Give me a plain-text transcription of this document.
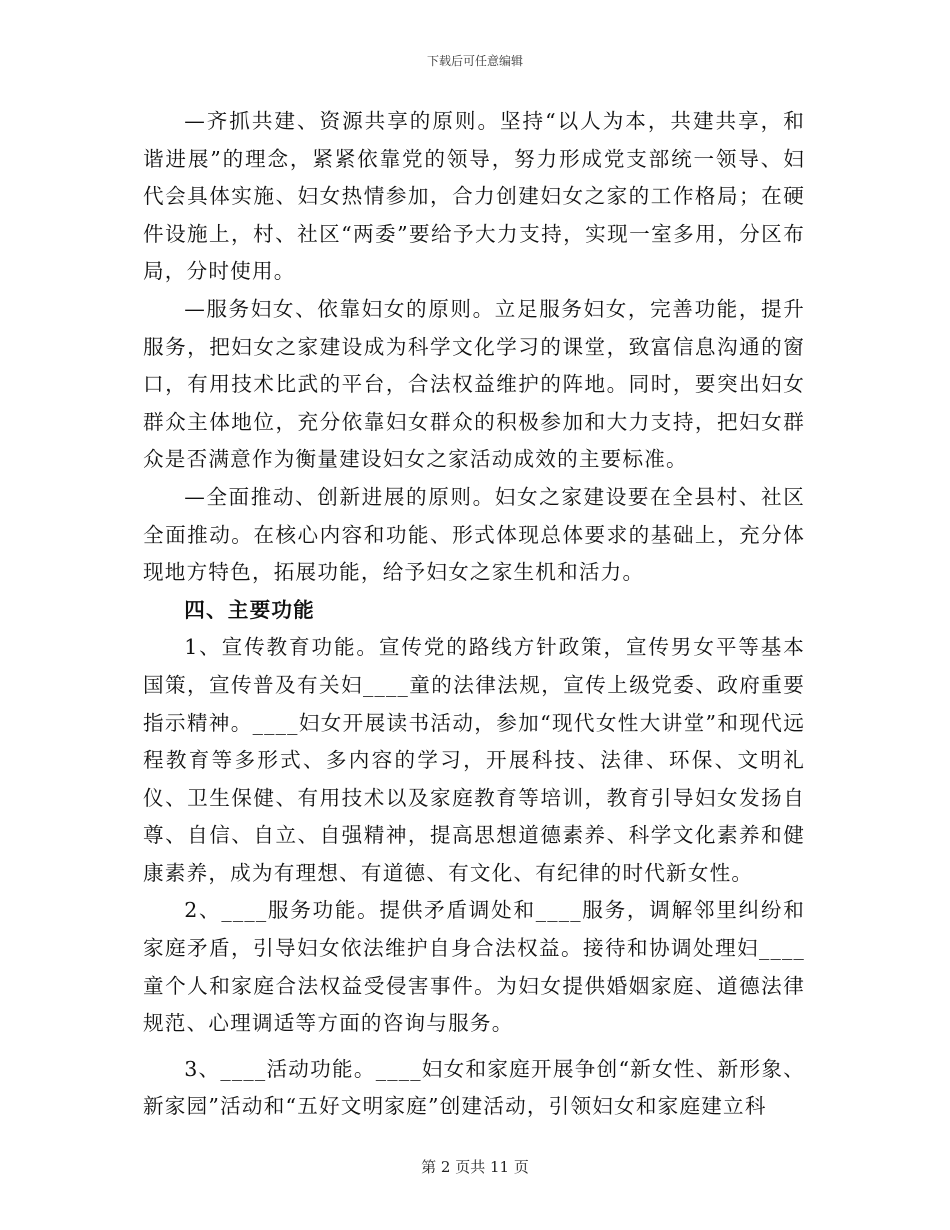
下载后可任意编辑

—齐抓共建、资源共享的原则。坚持“以人为本，共建共享，和谐进展”的理念，紧紧依靠党的领导，努力形成党支部统一领导、妇代会具体实施、妇女热情参加，合力创建妇女之家的工作格局；在硬件设施上，村、社区“两委”要给予大力支持，实现一室多用，分区布局，分时使用。

—服务妇女、依靠妇女的原则。立足服务妇女，完善功能，提升服务，把妇女之家建设成为科学文化学习的课堂，致富信息沟通的窗口，有用技术比武的平台，合法权益维护的阵地。同时，要突出妇女群众主体地位，充分依靠妇女群众的积极参加和大力支持，把妇女群众是否满意作为衡量建设妇女之家活动成效的主要标准。

—全面推动、创新进展的原则。妇女之家建设要在全县村、社区全面推动。在核心内容和功能、形式体现总体要求的基础上，充分体现地方特色，拓展功能，给予妇女之家生机和活力。

四、主要功能

1、宣传教育功能。宣传党的路线方针政策，宣传男女平等基本国策，宣传普及有关妇____童的法律法规，宣传上级党委、政府重要指示精神。____妇女开展读书活动，参加“现代女性大讲堂”和现代远程教育等多形式、多内容的学习，开展科技、法律、环保、文明礼仪、卫生保健、有用技术以及家庭教育等培训，教育引导妇女发扬自尊、自信、自立、自强精神，提高思想道德素养、科学文化素养和健康素养，成为有理想、有道德、有文化、有纪律的时代新女性。

2、____服务功能。提供矛盾调处和____服务，调解邻里纠纷和家庭矛盾，引导妇女依法维护自身合法权益。接待和协调处理妇____童个人和家庭合法权益受侵害事件。为妇女提供婚姻家庭、道德法律规范、心理调适等方面的咨询与服务。

3、____活动功能。____妇女和家庭开展争创“新女性、新形象、新家园”活动和“五好文明家庭”创建活动，引领妇女和家庭建立科

第 2 页共 11 页
